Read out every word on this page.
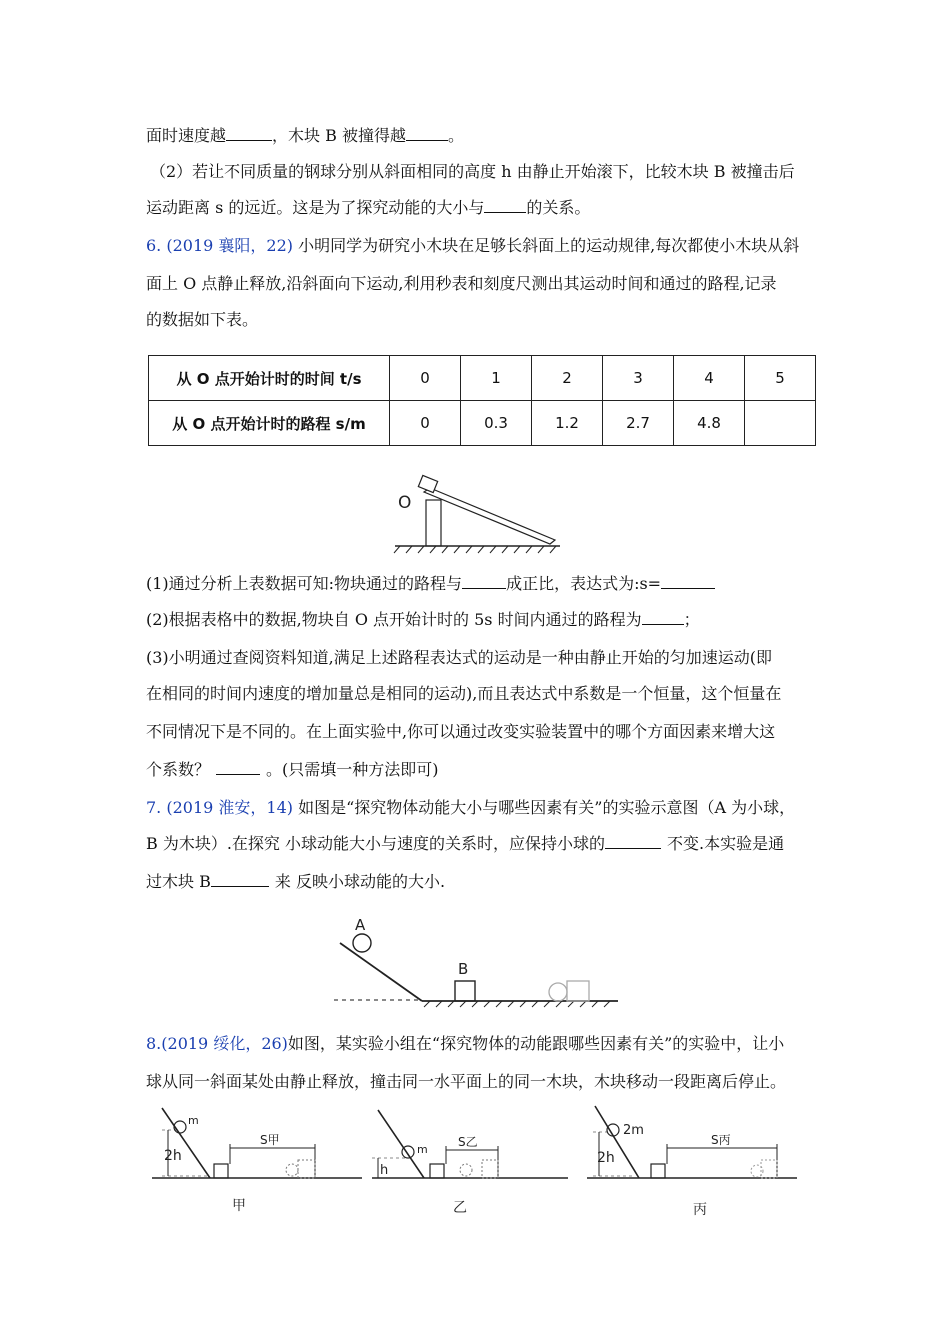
面时速度越	，木块 B 被撞得越	。
（2）若让不同质量的钢球分别从斜面相同的高度 h 由静止开始滚下，比较木块 B 被撞击后
运动距离 s 的远近。这是为了探究动能的大小与	的关系。
6. (2019 襄阳，22) 小明同学为研究小木块在足够长斜面上的运动规律,每次都使小木块从斜
面上 O 点静止释放,沿斜面向下运动,利用秒表和刻度尺测出其运动时间和通过的路程,记录
的数据如下表。
从 O 点开始计时的时间 t/s	0	1	2	3	4	5
从 O 点开始计时的路程 s/m	0	0.3	1.2	2.7	4.8	
O
(1)通过分析上表数据可知:物块通过的路程与	成正比，表达式为:s=
(2)根据表格中的数据,物块自 O 点开始计时的 5s 时间内通过的路程为	；
(3)小明通过查阅资料知道,满足上述路程表达式的运动是一种由静止开始的匀加速运动(即
在相同的时间内速度的增加量总是相同的运动),而且表达式中系数是一个恒量，这个恒量在
不同情况下是不同的。在上面实验中,你可以通过改变实验装置中的哪个方面因素来增大这
个系数？	。(只需填一种方法即可)
7. (2019 淮安，14) 如图是“探究物体动能大小与哪些因素有关”的实验示意图（A 为小球，
B 为木块）.在探究 小球动能大小与速度的关系时，应保持小球的	不变.本实验是通
过木块 B	来 反映小球动能的大小.
A
B
8.(2019 绥化，26)如图，某实验小组在“探究物体的动能跟哪些因素有关”的实验中，让小
球从同一斜面某处由静止释放，撞击同一水平面上的同一木块，木块移动一段距离后停止。
2h
m
S甲
甲
h
m
S乙
乙
2h
2m
S丙
丙
